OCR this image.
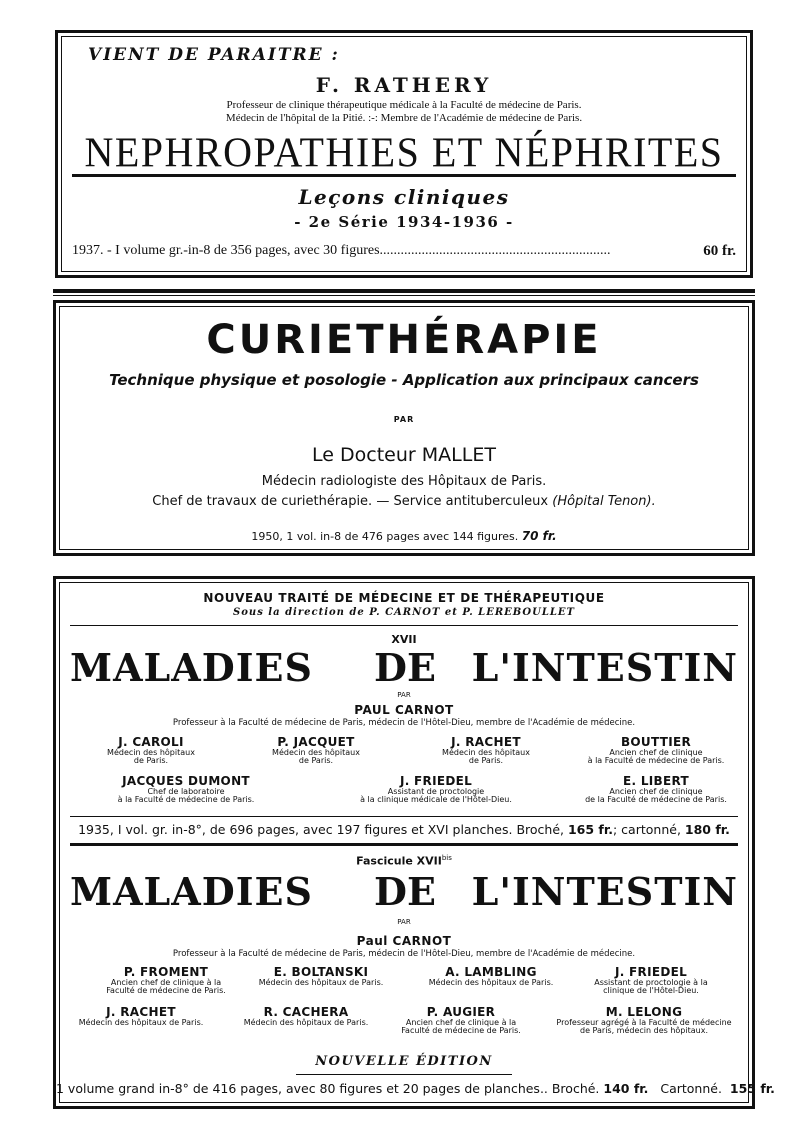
VIENT DE PARAITRE :
F. RATHERY
Professeur de clinique thérapeutique médicale à la Faculté de médecine de Paris.
Médecin de l'hôpital de la Pitié. :-: Membre de l'Académie de médecine de Paris.
NEPHROPATHIES ET NÉPHRITES
Leçons cliniques
- 2e Série 1934-1936 -
1937. - I volume gr.-in-8 de 356 pages, avec 30 figures..................................................................	60 fr.
CURIETHÉRAPIE
Technique physique et posologie - Application aux principaux cancers
PAR
Le Docteur MALLET
Médecin radiologiste des Hôpitaux de Paris.
Chef de travaux de curiethérapie. — Service antituberculeux (Hôpital Tenon).
1950, 1 vol. in-8 de 476 pages avec 144 figures. 70 fr.
NOUVEAU TRAITÉ DE MÉDECINE ET DE THÉRAPEUTIQUE
Sous la direction de P. CARNOT et P. LEREBOULLET
XVII
MALADIES DE L'INTESTIN
PAR
PAUL CARNOT
Professeur à la Faculté de médecine de Paris, médecin de l'Hôtel-Dieu, membre de l'Académie de médecine.
J. CAROLI
Médecin des hôpitaux
de Paris.
P. JACQUET
Médecin des hôpitaux
de Paris.
J. RACHET
Médecin des hôpitaux
de Paris.
BOUTTIER
Ancien chef de clinique
à la Faculté de médecine de Paris.
JACQUES DUMONT
Chef de laboratoire
à la Faculté de médecine de Paris.
J. FRIEDEL
Assistant de proctologie
à la clinique médicale de l'Hôtel-Dieu.
E. LIBERT
Ancien chef de clinique
de la Faculté de médecine de Paris.
1935, I vol. gr. in-8°, de 696 pages, avec 197 figures et XVI planches. Broché, 165 fr.; cartonné, 180 fr.
Fascicule $XVII^{bis}$
MALADIES DE L'INTESTIN
PAR
Paul CARNOT
Professeur à la Faculté de médecine de Paris, médecin de l'Hôtel-Dieu, membre de l'Académie de médecine.
P. FROMENT
Ancien chef de clinique à la
Faculté de médecine de Paris.
E. BOLTANSKI
Médecin des hôpitaux de Paris.
A. LAMBLING
Médecin des hôpitaux de Paris.
J. FRIEDEL
Assistant de proctologie à la
clinique de l'Hôtel-Dieu.
J. RACHET
Médecin des hôpitaux de Paris.
R. CACHERA
Médecin des hôpitaux de Paris.
P. AUGIER
Ancien chef de clinique à la
Faculté de médecine de Paris.
M. LELONG
Professeur agrégé à la Faculté de médecine
de Paris, médecin des hôpitaux.
NOUVELLE ÉDITION
1 volume grand in-8° de 416 pages, avec 80 figures et 20 pages de planches.. Broché. 140 fr. Cartonné. 155 fr.
